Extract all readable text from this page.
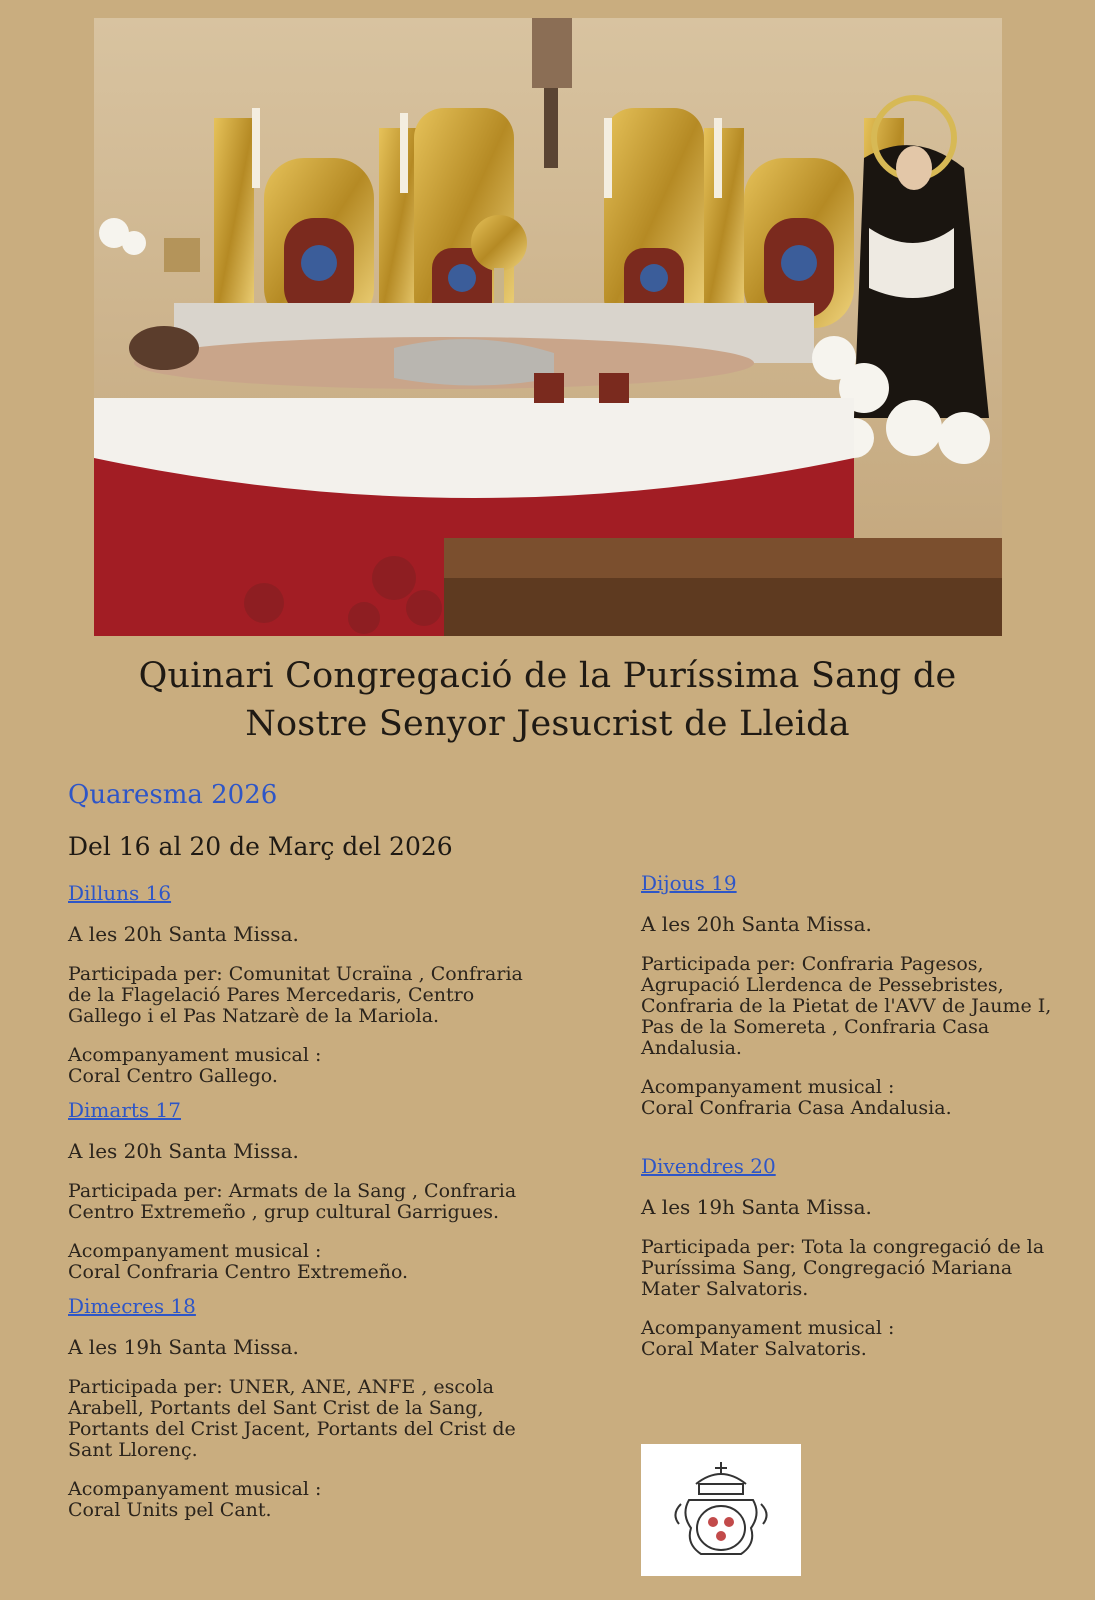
Quinari Congregació de la Puríssima Sang de
Nostre Senyor Jesucrist de Lleida
Quaresma 2026
Del 16 al 20 de Març del 2026

Dilluns 16

A les 20h Santa Missa.

Participada per: Comunitat Ucraïna , Confraria de la Flagelació Pares Mercedaris, Centro Gallego i el Pas Natzarè de la Mariola.

Acompanyament musical :
Coral Centro Gallego.

Dimarts 17

A les 20h Santa Missa.

Participada per: Armats de la Sang , Confraria Centro Extremeño , grup cultural Garrigues.

Acompanyament musical :
Coral Confraria Centro Extremeño.

Dimecres 18

A les 19h Santa Missa.

Participada per: UNER, ANE, ANFE , escola Arabell, Portants del Sant Crist de la Sang, Portants del Crist Jacent, Portants del Crist de Sant Llorenç.

Acompanyament musical :
Coral Units pel Cant.

Dijous 19

A les 20h Santa Missa.

Participada per: Confraria Pagesos, Agrupació Llerdenca de Pessebristes, Confraria de la Pietat de l'AVV de Jaume I, Pas de la Somereta , Confraria Casa Andalusia.

Acompanyament musical :
Coral Confraria Casa Andalusia.

Divendres 20

A les 19h Santa Missa.

Participada per: Tota la congregació de la Puríssima Sang, Congregació Mariana Mater Salvatoris.

Acompanyament musical :
Coral Mater Salvatoris.
